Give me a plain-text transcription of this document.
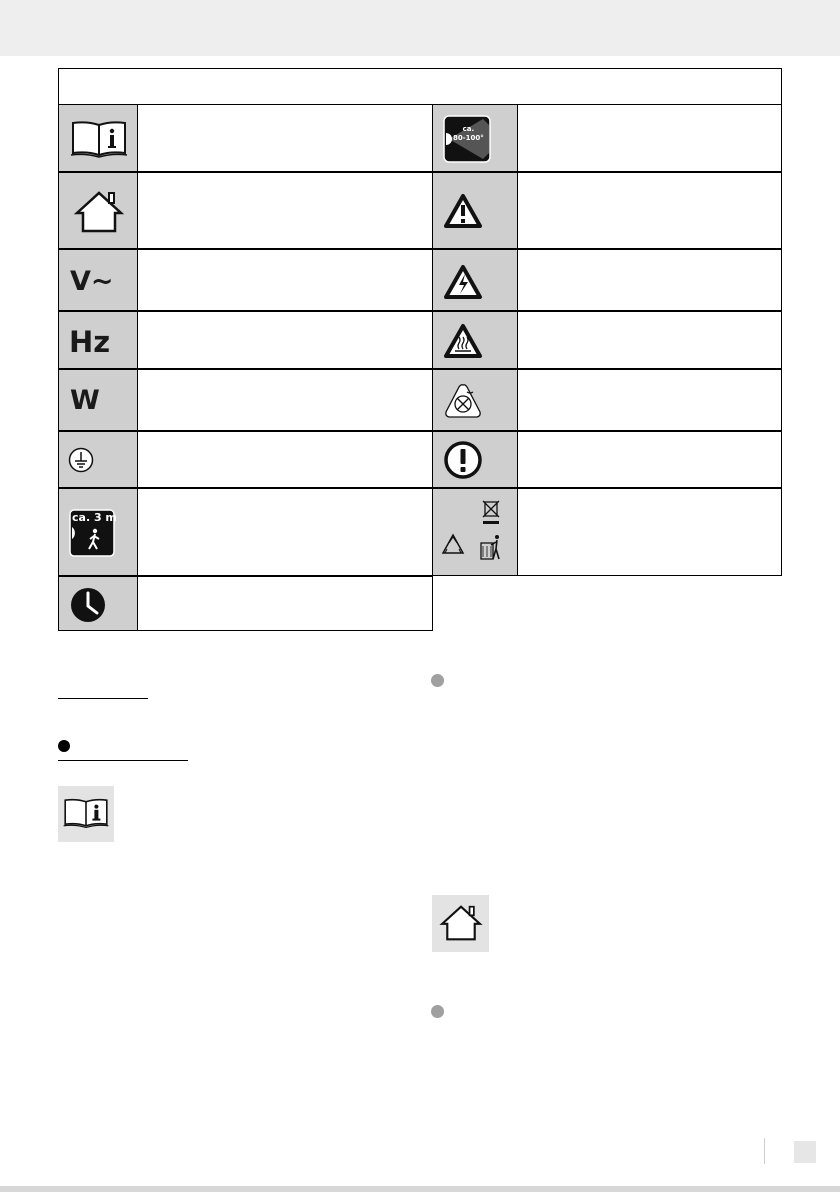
V~
Hz
W
ca. 3 m
ca.
80-100°
